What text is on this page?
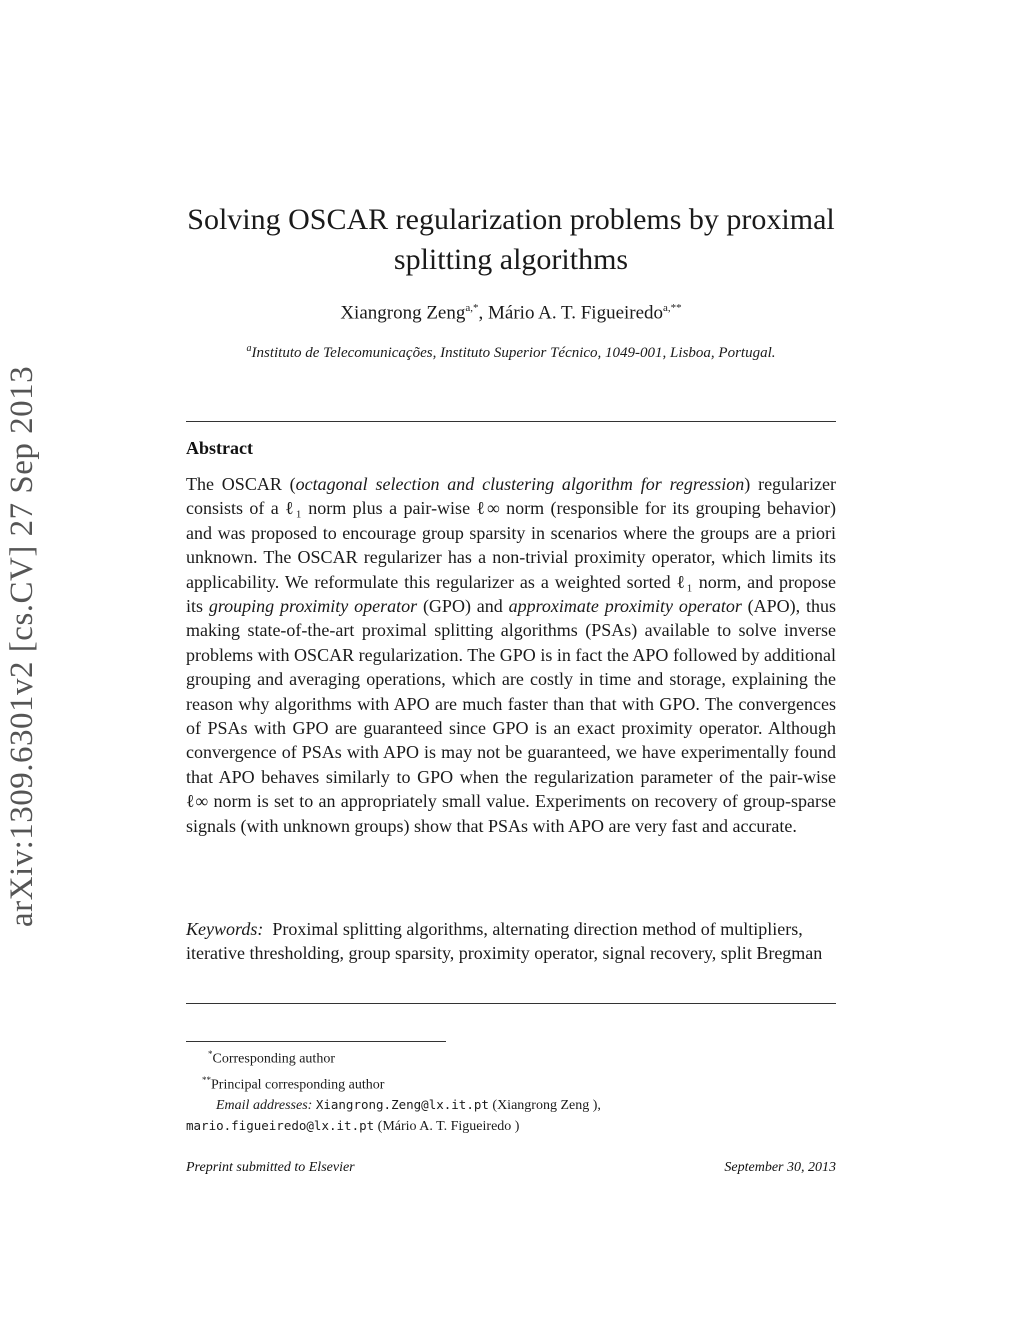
arXiv:1309.6301v2 [cs.CV] 27 Sep 2013
Solving OSCAR regularization problems by proximal splitting algorithms
Xiangrong Zeng$^{a,*}$, Mário A. T. Figueiredo$^{a,**}$
$^a$Instituto de Telecomunicações, Instituto Superior Técnico, 1049-001, Lisboa, Portugal.
Abstract
The OSCAR (octagonal selection and clustering algorithm for regression) regularizer consists of a ℓ₁ norm plus a pair-wise ℓ∞ norm (responsible for its grouping behavior) and was proposed to encourage group sparsity in scenarios where the groups are a priori unknown. The OSCAR regularizer has a non-trivial proximity operator, which limits its applicability. We reformulate this regularizer as a weighted sorted ℓ₁ norm, and propose its grouping proximity operator (GPO) and approximate proximity operator (APO), thus making state-of-the-art proximal splitting algorithms (PSAs) available to solve inverse problems with OSCAR regularization. The GPO is in fact the APO followed by additional grouping and averaging operations, which are costly in time and storage, explaining the reason why algorithms with APO are much faster than that with GPO. The convergences of PSAs with GPO are guaranteed since GPO is an exact proximity operator. Although convergence of PSAs with APO is may not be guaranteed, we have experimentally found that APO behaves similarly to GPO when the regularization parameter of the pair-wise ℓ∞ norm is set to an appropriately small value. Experiments on recovery of group-sparse signals (with unknown groups) show that PSAs with APO are very fast and accurate.
Keywords: Proximal splitting algorithms, alternating direction method of multipliers, iterative thresholding, group sparsity, proximity operator, signal recovery, split Bregman
*Corresponding author
**Principal corresponding author
Email addresses: Xiangrong.Zeng@lx.it.pt (Xiangrong Zeng ),
mario.figueiredo@lx.it.pt (Mário A. T. Figueiredo )
Preprint submitted to Elsevier	September 30, 2013
